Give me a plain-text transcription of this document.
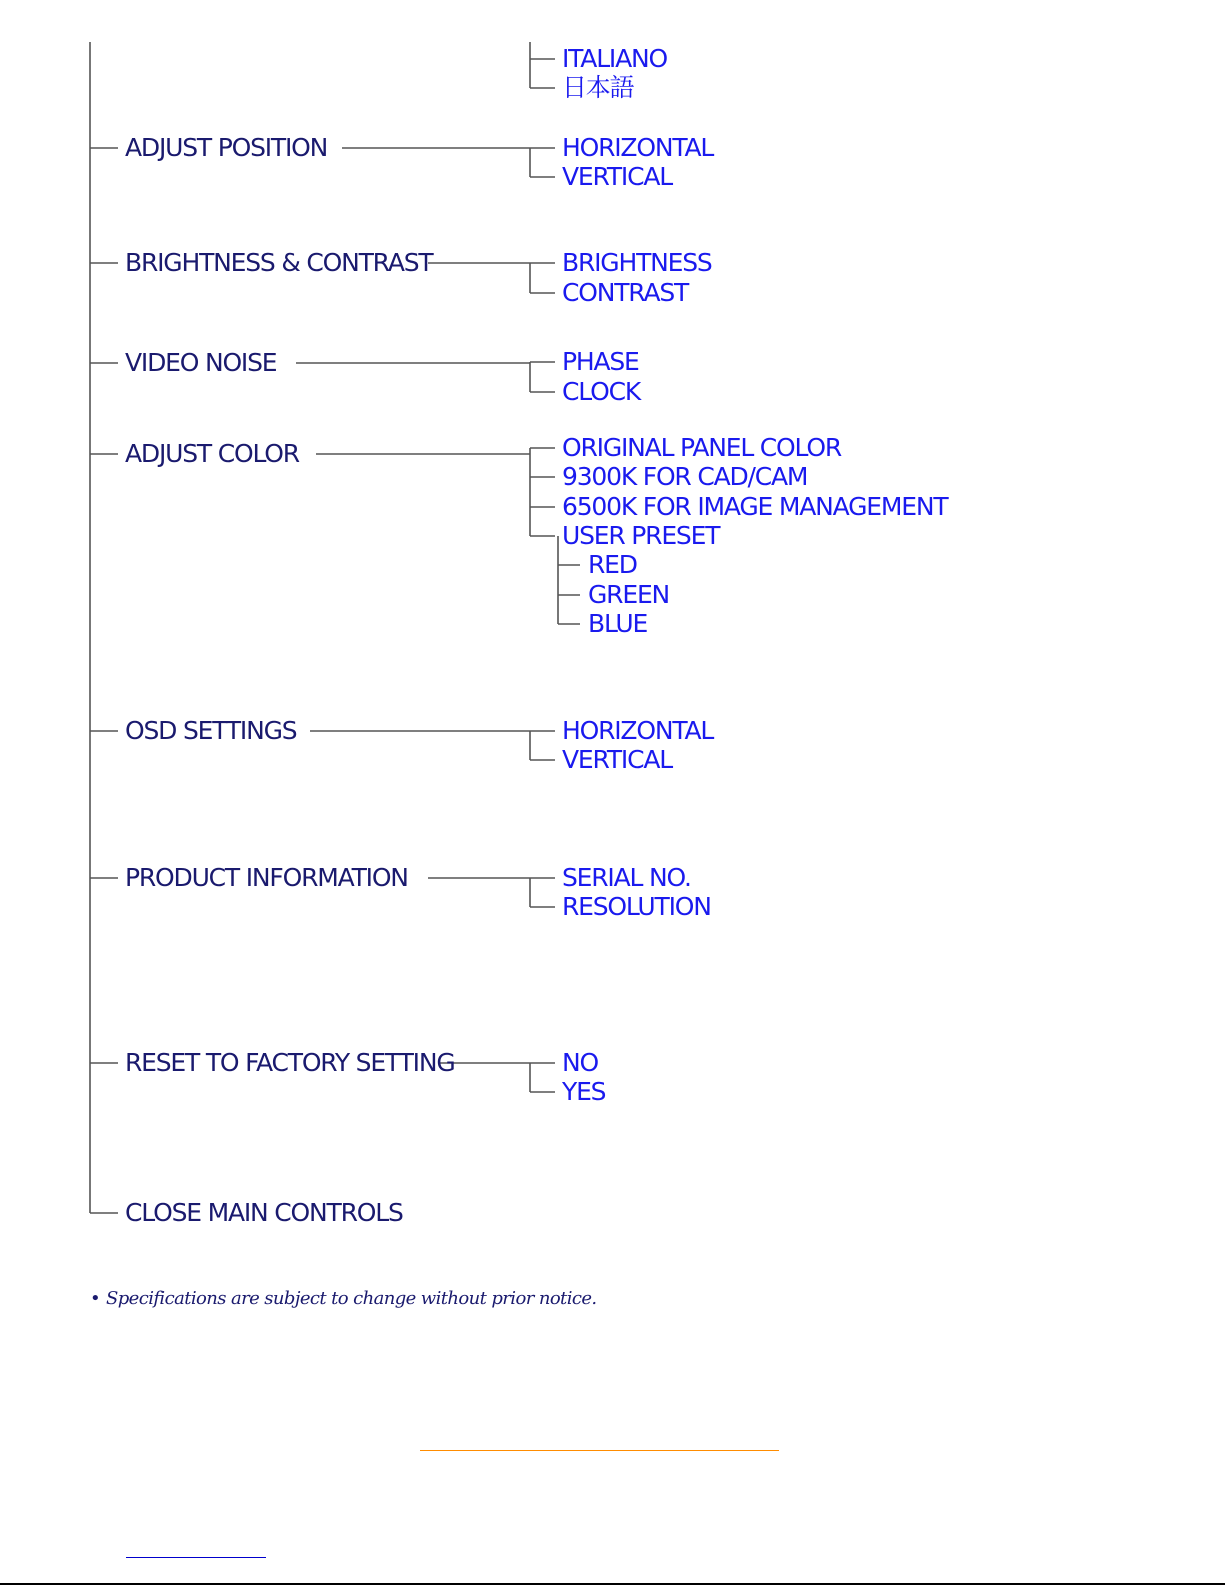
ITALIANO
日本語
ADJUST POSITION	HORIZONTAL
VERTICAL
BRIGHTNESS & CONTRAST	BRIGHTNESS
CONTRAST
VIDEO NOISE	PHASE
CLOCK
ADJUST COLOR	ORIGINAL PANEL COLOR
9300K FOR CAD/CAM
6500K FOR IMAGE MANAGEMENT
USER PRESET
RED
GREEN
BLUE
OSD SETTINGS	HORIZONTAL
VERTICAL
PRODUCT INFORMATION	SERIAL NO.
RESOLUTION
RESET TO FACTORY SETTING	NO
YES
CLOSE MAIN CONTROLS
• Specifications are subject to change without prior notice.
